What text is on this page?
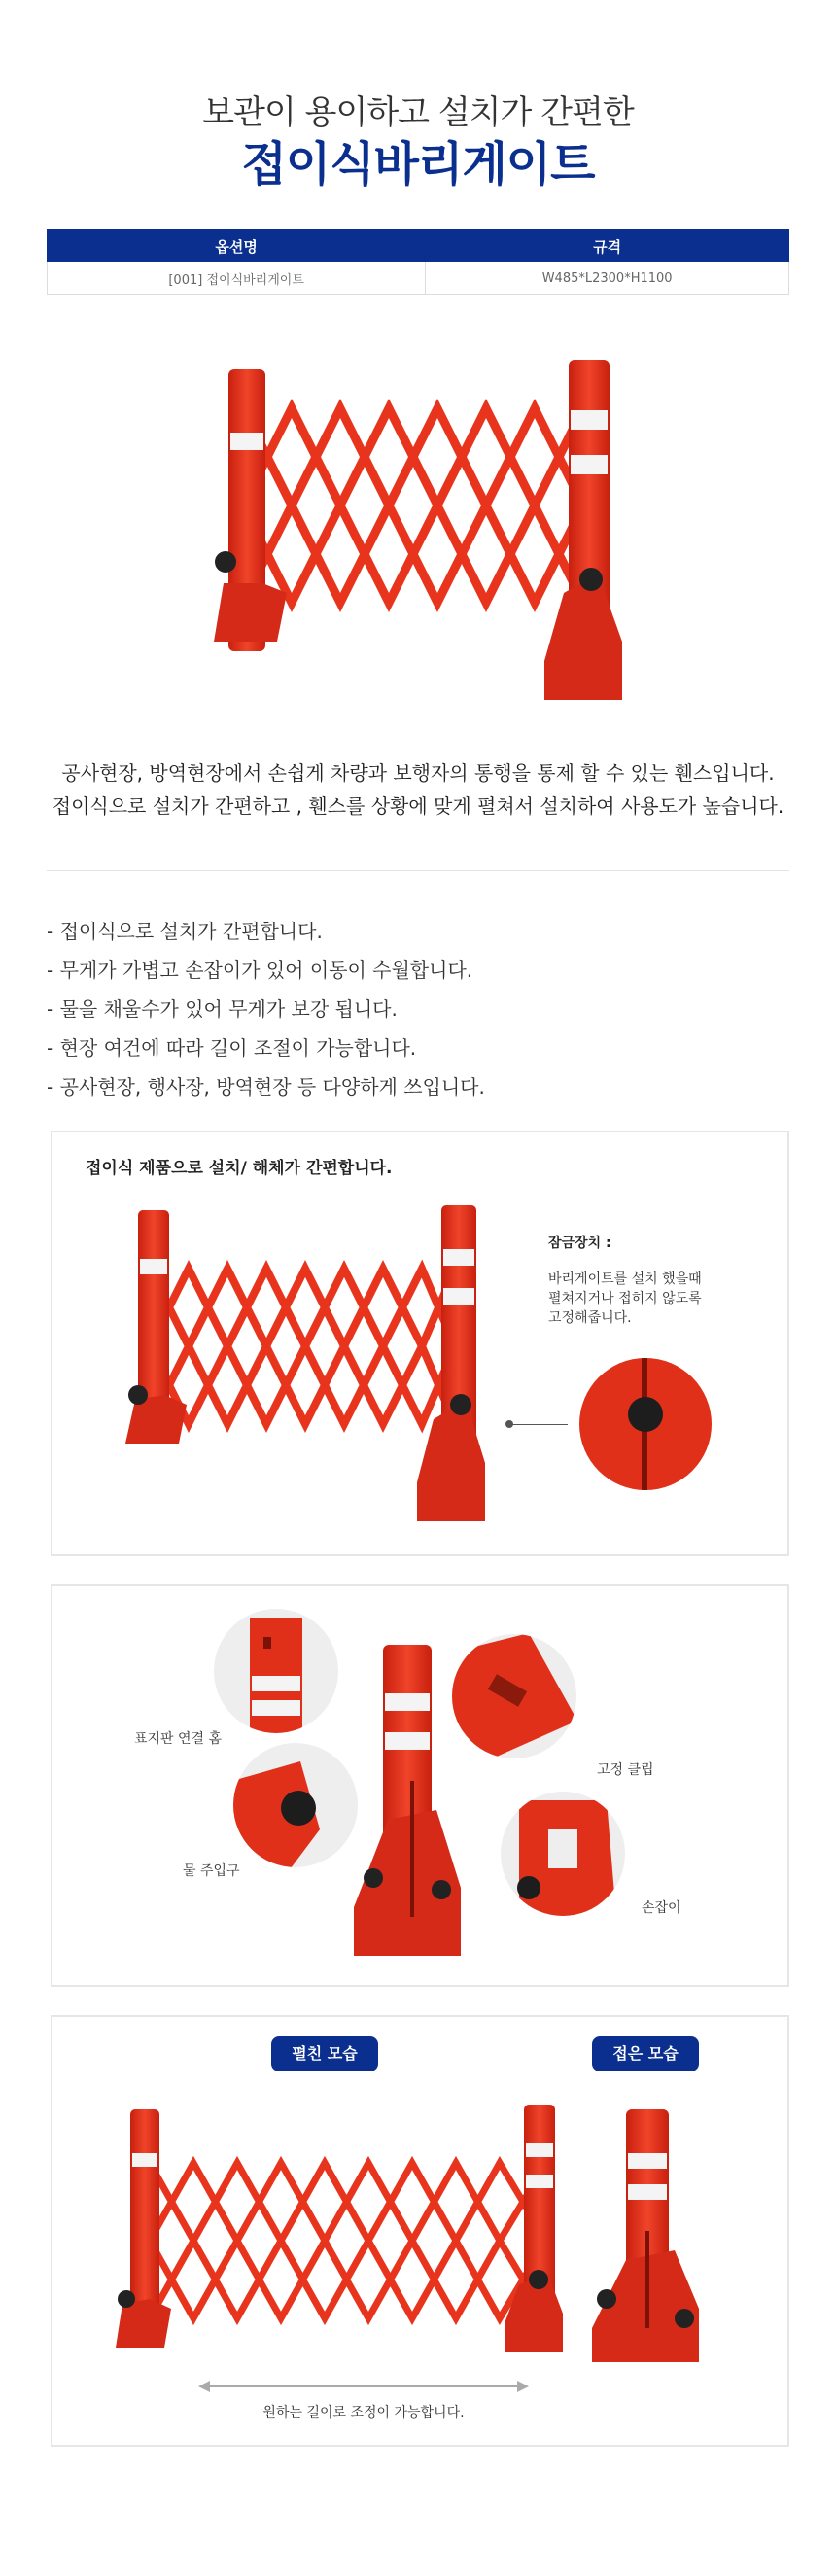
보관이 용이하고 설치가 간편한
접이식바리게이트
옵션명	규격
[001] 접이식바리게이트	W485*L2300*H1100
공사현장, 방역현장에서 손쉽게 차량과 보행자의 통행을 통제 할 수 있는 휀스입니다.
접이식으로 설치가 간편하고 , 휀스를 상황에 맞게 펼쳐서 설치하여 사용도가 높습니다.
- 접이식으로 설치가 간편합니다.
- 무게가 가볍고 손잡이가 있어 이동이 수월합니다.
- 물을 채울수가 있어 무게가 보강 됩니다.
- 현장 여건에 따라 길이 조절이 가능합니다.
- 공사현장, 행사장, 방역현장 등 다양하게 쓰입니다.
접이식 제품으로 설치/ 해체가 간편합니다.
잠금장치 :
바리게이트를 설치 했을때
펼쳐지거나 접히지 않도록
고정해줍니다.
표지판 연결 홈
물 주입구
고정 클립
손잡이
펼친 모습	접은 모습
원하는 길이로 조정이 가능합니다.
